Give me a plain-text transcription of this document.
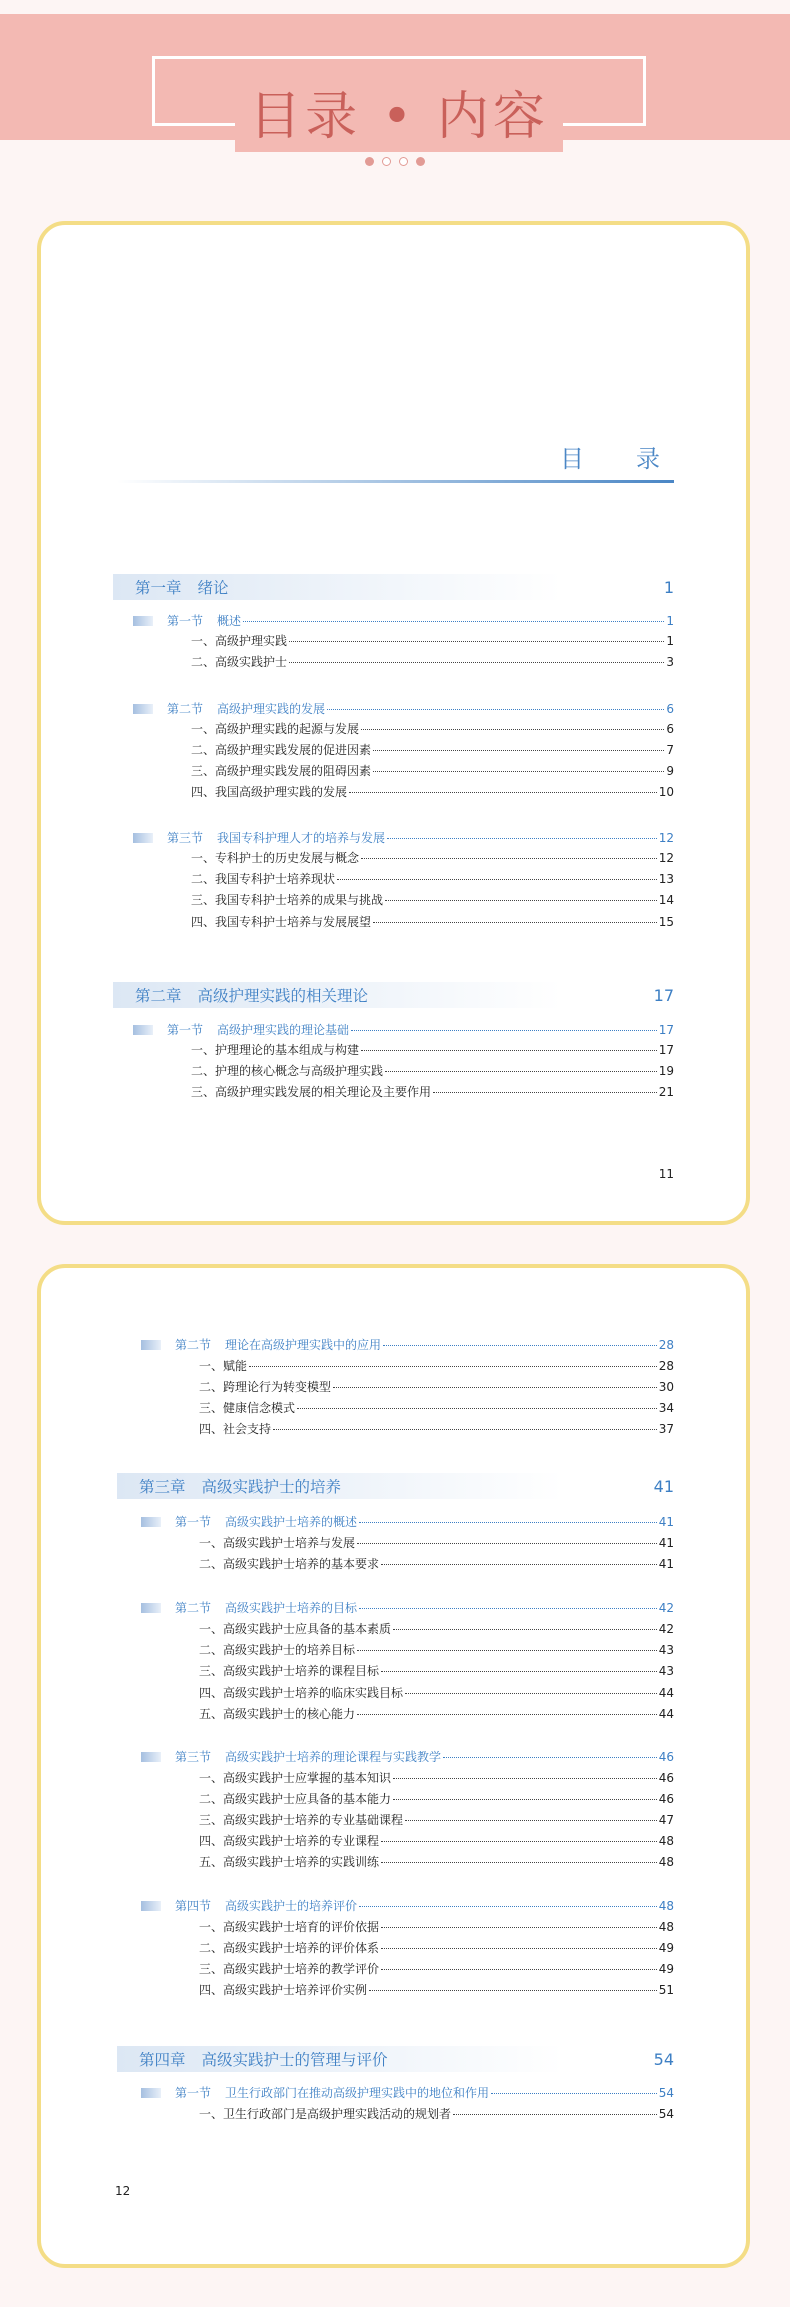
目录 • 内容
目　录
第一章 绪论	1
第一节 概述	1
一、高级护理实践	1
二、高级实践护士	3
第二节 高级护理实践的发展	6
一、高级护理实践的起源与发展	6
二、高级护理实践发展的促进因素	7
三、高级护理实践发展的阻碍因素	9
四、我国高级护理实践的发展	10
第三节 我国专科护理人才的培养与发展	12
一、专科护士的历史发展与概念	12
二、我国专科护士培养现状	13
三、我国专科护士培养的成果与挑战	14
四、我国专科护士培养与发展展望	15
第二章 高级护理实践的相关理论	17
第一节 高级护理实践的理论基础	17
一、护理理论的基本组成与构建	17
二、护理的核心概念与高级护理实践	19
三、高级护理实践发展的相关理论及主要作用	21
11
第二节 理论在高级护理实践中的应用	28
一、赋能	28
二、跨理论行为转变模型	30
三、健康信念模式	34
四、社会支持	37
第三章 高级实践护士的培养	41
第一节 高级实践护士培养的概述	41
一、高级实践护士培养与发展	41
二、高级实践护士培养的基本要求	41
第二节 高级实践护士培养的目标	42
一、高级实践护士应具备的基本素质	42
二、高级实践护士的培养目标	43
三、高级实践护士培养的课程目标	43
四、高级实践护士培养的临床实践目标	44
五、高级实践护士的核心能力	44
第三节 高级实践护士培养的理论课程与实践教学	46
一、高级实践护士应掌握的基本知识	46
二、高级实践护士应具备的基本能力	46
三、高级实践护士培养的专业基础课程	47
四、高级实践护士培养的专业课程	48
五、高级实践护士培养的实践训练	48
第四节 高级实践护士的培养评价	48
一、高级实践护士培育的评价依据	48
二、高级实践护士培养的评价体系	49
三、高级实践护士培养的教学评价	49
四、高级实践护士培养评价实例	51
第四章 高级实践护士的管理与评价	54
第一节 卫生行政部门在推动高级护理实践中的地位和作用	54
一、卫生行政部门是高级护理实践活动的规划者	54
12
